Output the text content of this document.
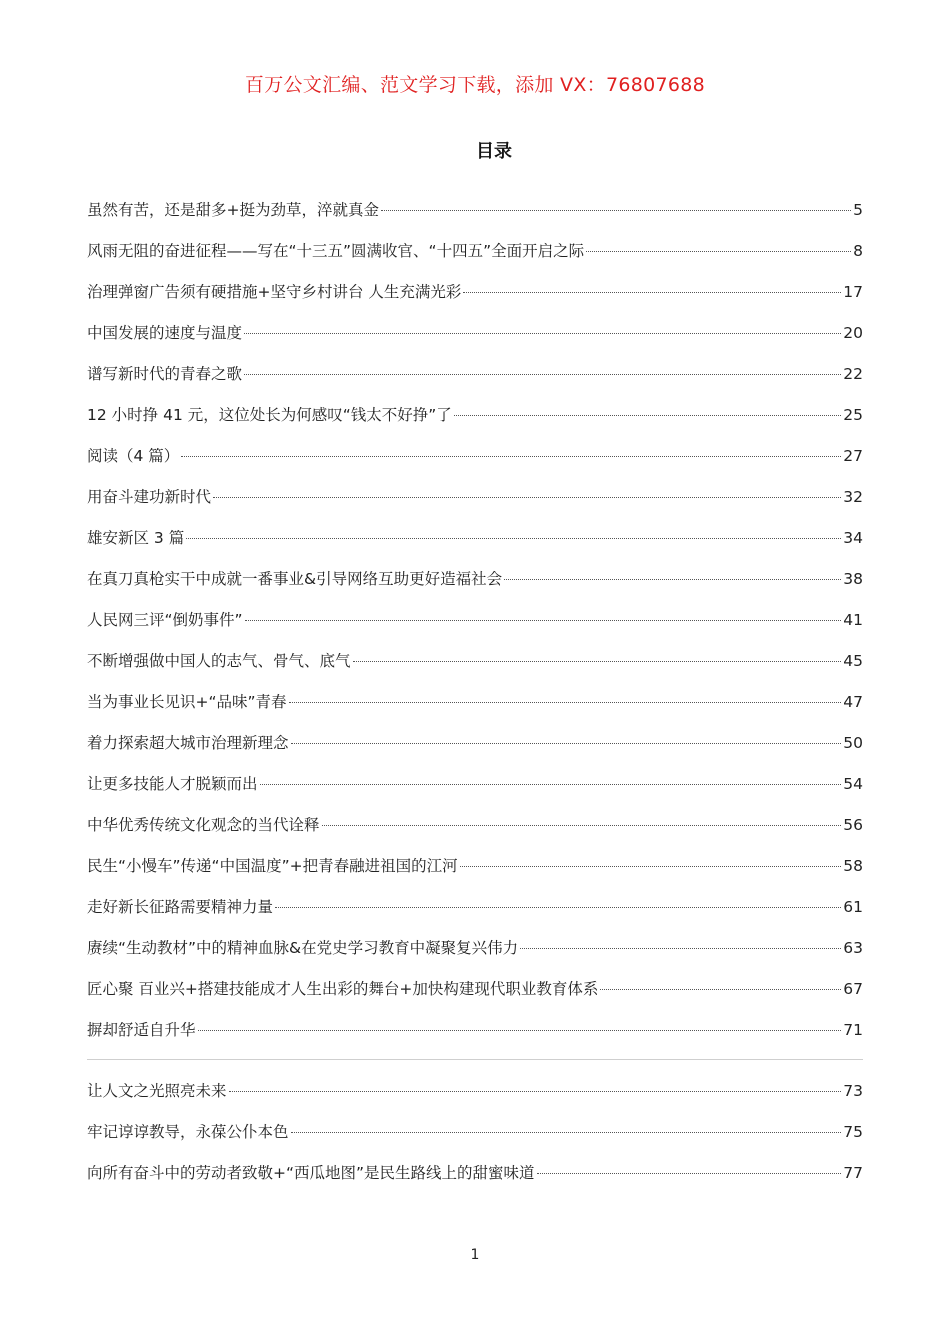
百万公文汇编、范文学习下载，添加 VX：76807688
目录
虽然有苦，还是甜多+挺为劲草，淬就真金	5
风雨无阻的奋进征程——写在“十三五”圆满收官、“十四五”全面开启之际	8
治理弹窗广告须有硬措施+坚守乡村讲台 人生充满光彩	17
中国发展的速度与温度	20
谱写新时代的青春之歌	22
12 小时挣 41 元，这位处长为何感叹“钱太不好挣”了	25
阅读（4 篇）	27
用奋斗建功新时代	32
雄安新区 3 篇	34
在真刀真枪实干中成就一番事业&引导网络互助更好造福社会	38
人民网三评“倒奶事件”	41
不断增强做中国人的志气、骨气、底气	45
当为事业长见识+“品味”青春	47
着力探索超大城市治理新理念	50
让更多技能人才脱颖而出	54
中华优秀传统文化观念的当代诠释	56
民生“小慢车”传递“中国温度”+把青春融进祖国的江河	58
走好新长征路需要精神力量	61
赓续“生动教材”中的精神血脉&在党史学习教育中凝聚复兴伟力	63
匠心聚 百业兴+搭建技能成才人生出彩的舞台+加快构建现代职业教育体系	67
摒却舒适自升华	71
让人文之光照亮未来	73
牢记谆谆教导，永葆公仆本色	75
向所有奋斗中的劳动者致敬+“西瓜地图”是民生路线上的甜蜜味道	77
1
